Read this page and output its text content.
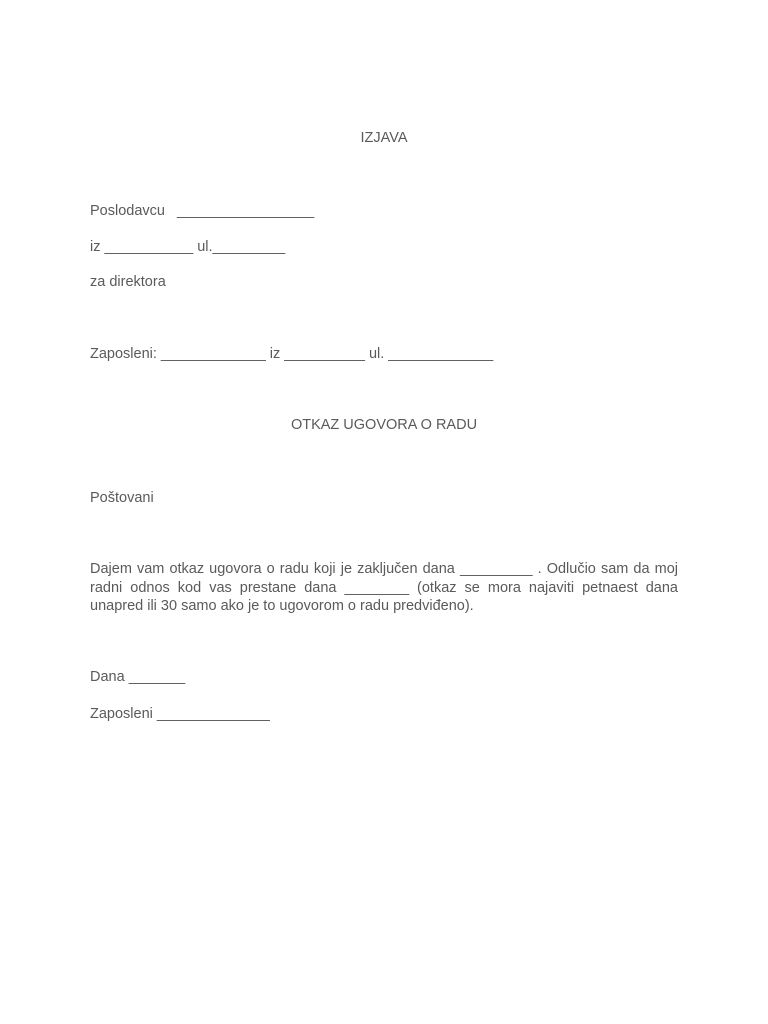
IZJAVA
Poslodavcu   _________________
iz ___________ ul._________
za direktora
Zaposleni: _____________ iz __________ ul. _____________
OTKAZ UGOVORA O RADU
Poštovani
Dajem vam otkaz ugovora o radu koji je zaključen dana _________ . Odlučio sam da moj radni odnos kod vas prestane dana ________ (otkaz se mora najaviti petnaest dana unapred ili 30 samo ako je to ugovorom o radu predviđeno).
Dana _______
Zaposleni ______________
